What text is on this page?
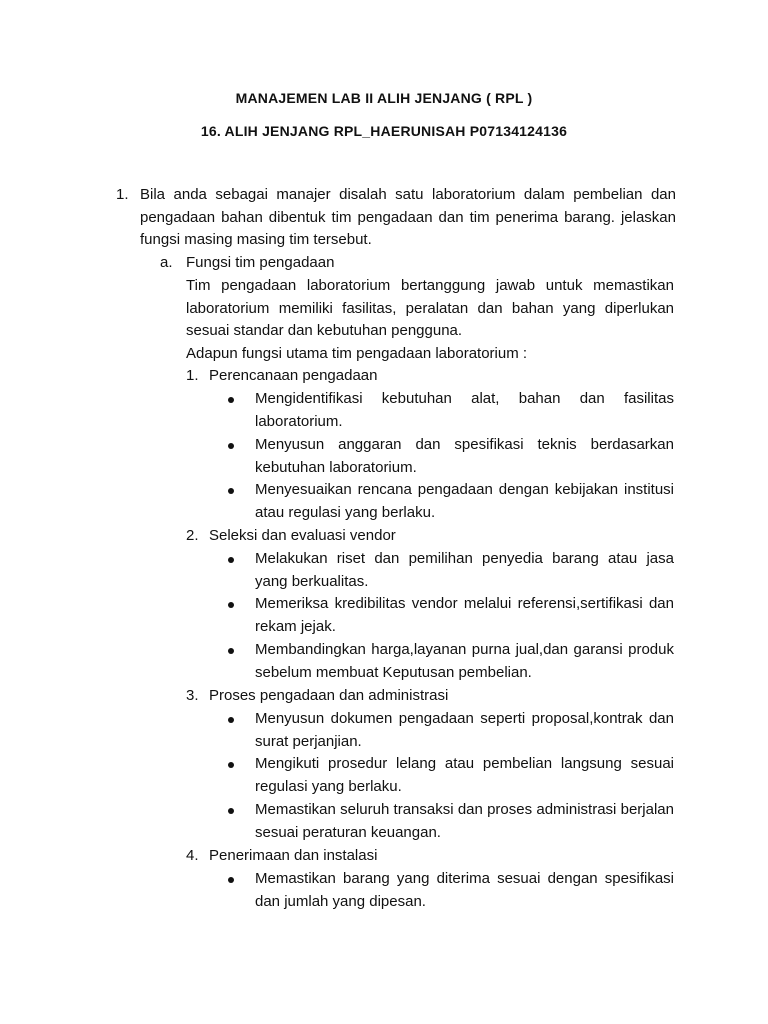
MANAJEMEN LAB II ALIH JENJANG ( RPL )
16. ALIH JENJANG RPL_HAERUNISAH P07134124136
1. Bila anda sebagai manajer disalah satu laboratorium dalam pembelian dan pengadaan bahan dibentuk tim pengadaan dan tim penerima barang. jelaskan fungsi masing masing tim tersebut.
a. Fungsi tim pengadaan
Tim pengadaan laboratorium bertanggung jawab untuk memastikan laboratorium memiliki fasilitas, peralatan dan bahan yang diperlukan sesuai standar dan kebutuhan pengguna.
Adapun fungsi utama tim pengadaan laboratorium :
1. Perencanaan pengadaan
Mengidentifikasi kebutuhan alat, bahan dan fasilitas laboratorium.
Menyusun anggaran dan spesifikasi teknis berdasarkan kebutuhan laboratorium.
Menyesuaikan rencana pengadaan dengan kebijakan institusi atau regulasi yang berlaku.
2. Seleksi dan evaluasi vendor
Melakukan riset dan pemilihan penyedia barang atau jasa yang berkualitas.
Memeriksa kredibilitas vendor melalui referensi,sertifikasi dan rekam jejak.
Membandingkan harga,layanan purna jual,dan garansi produk sebelum membuat Keputusan pembelian.
3. Proses pengadaan dan administrasi
Menyusun dokumen pengadaan seperti proposal,kontrak dan surat perjanjian.
Mengikuti prosedur lelang atau pembelian langsung sesuai regulasi yang berlaku.
Memastikan seluruh transaksi dan proses administrasi berjalan sesuai peraturan keuangan.
4. Penerimaan dan instalasi
Memastikan barang yang diterima sesuai dengan spesifikasi dan jumlah yang dipesan.
